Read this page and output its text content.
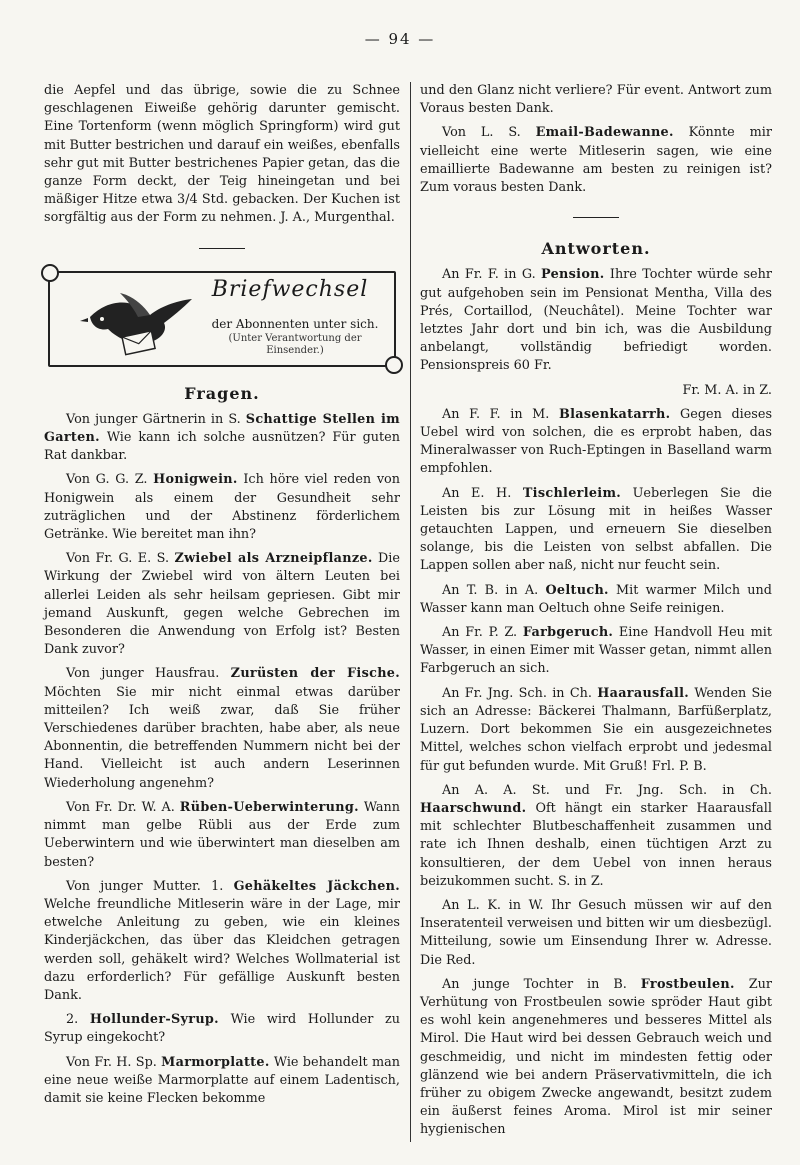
— 94 —

die Aepfel und das übrige, sowie die zu Schnee geschlagenen Eiweiße gehörig darunter gemischt. Eine Tortenform (wenn möglich Springform) wird gut mit Butter bestrichen und darauf ein weißes, ebenfalls sehr gut mit Butter bestrichenes Papier getan, das die ganze Form deckt, der Teig hineingetan und bei mäßiger Hitze etwa 3/4 Std. gebacken. Der Kuchen ist sorgfältig aus der Form zu nehmen. J. A., Murgenthal.

Briefwechsel
der Abonnenten unter sich.
(Unter Verantwortung der Einsender.)
Fragen.

Von junger Gärtnerin in S. Schattige Stellen im Garten. Wie kann ich solche ausnützen? Für guten Rat dankbar.

Von G. G. Z. Honigwein. Ich höre viel reden von Honigwein als einem der Gesundheit sehr zuträglichen und der Abstinenz förderlichem Getränke. Wie bereitet man ihn?

Von Fr. G. E. S. Zwiebel als Arzneipflanze. Die Wirkung der Zwiebel wird von ältern Leuten bei allerlei Leiden als sehr heilsam gepriesen. Gibt mir jemand Auskunft, gegen welche Gebrechen im Besonderen die Anwendung von Erfolg ist? Besten Dank zuvor?

Von junger Hausfrau. Zurüsten der Fische. Möchten Sie mir nicht einmal etwas darüber mitteilen? Ich weiß zwar, daß Sie früher Verschiedenes darüber brachten, habe aber, als neue Abonnentin, die betreffenden Nummern nicht bei der Hand. Vielleicht ist auch andern Leserinnen Wiederholung angenehm?

Von Fr. Dr. W. A. Rüben-Ueberwinterung. Wann nimmt man gelbe Rübli aus der Erde zum Ueberwintern und wie überwintert man dieselben am besten?

Von junger Mutter. 1. Gehäkeltes Jäckchen. Welche freundliche Mitleserin wäre in der Lage, mir etwelche Anleitung zu geben, wie ein kleines Kinderjäckchen, das über das Kleidchen getragen werden soll, gehäkelt wird? Welches Wollmaterial ist dazu erforderlich? Für gefällige Auskunft besten Dank.

2. Hollunder-Syrup. Wie wird Hollunder zu Syrup eingekocht?

Von Fr. H. Sp. Marmorplatte. Wie behandelt man eine neue weiße Marmorplatte auf einem Ladentisch, damit sie keine Flecken bekomme

und den Glanz nicht verliere? Für event. Antwort zum Voraus besten Dank.

Von L. S. Email-Badewanne. Könnte mir vielleicht eine werte Mitleserin sagen, wie eine emaillierte Badewanne am besten zu reinigen ist? Zum voraus besten Dank.

Antworten.

An Fr. F. in G. Pension. Ihre Tochter würde sehr gut aufgehoben sein im Pensionat Mentha, Villa des Prés, Cortaillod, (Neuchâtel). Meine Tochter war letztes Jahr dort und bin ich, was die Ausbildung anbelangt, vollständig befriedigt worden. Pensionspreis 60 Fr.

Fr. M. A. in Z.

An F. F. in M. Blasenkatarrh. Gegen dieses Uebel wird von solchen, die es erprobt haben, das Mineralwasser von Ruch-Eptingen in Baselland warm empfohlen.

An E. H. Tischlerleim. Ueberlegen Sie die Leisten bis zur Lösung mit in heißes Wasser getauchten Lappen, und erneuern Sie dieselben solange, bis die Leisten von selbst abfallen. Die Lappen sollen aber naß, nicht nur feucht sein.

An T. B. in A. Oeltuch. Mit warmer Milch und Wasser kann man Oeltuch ohne Seife reinigen.

An Fr. P. Z. Farbgeruch. Eine Handvoll Heu mit Wasser, in einen Eimer mit Wasser getan, nimmt allen Farbgeruch an sich.

An Fr. Jng. Sch. in Ch. Haarausfall. Wenden Sie sich an Adresse: Bäckerei Thalmann, Barfüßerplatz, Luzern. Dort bekommen Sie ein ausgezeichnetes Mittel, welches schon vielfach erprobt und jedesmal für gut befunden wurde. Mit Gruß! Frl. P. B.

An A. A. St. und Fr. Jng. Sch. in Ch. Haarschwund. Oft hängt ein starker Haarausfall mit schlechter Blutbeschaffenheit zusammen und rate ich Ihnen deshalb, einen tüchtigen Arzt zu konsultieren, der dem Uebel von innen heraus beizukommen sucht. S. in Z.

An L. K. in W. Ihr Gesuch müssen wir auf den Inseratenteil verweisen und bitten wir um diesbezügl. Mitteilung, sowie um Einsendung Ihrer w. Adresse. Die Red.

An junge Tochter in B. Frostbeulen. Zur Verhütung von Frostbeulen sowie spröder Haut gibt es wohl kein angenehmeres und besseres Mittel als Mirol. Die Haut wird bei dessen Gebrauch weich und geschmeidig, und nicht im mindesten fettig oder glänzend wie bei andern Präservativmitteln, die ich früher zu obigem Zwecke angewandt, besitzt zudem ein äußerst feines Aroma. Mirol ist mir seiner hygienischen
